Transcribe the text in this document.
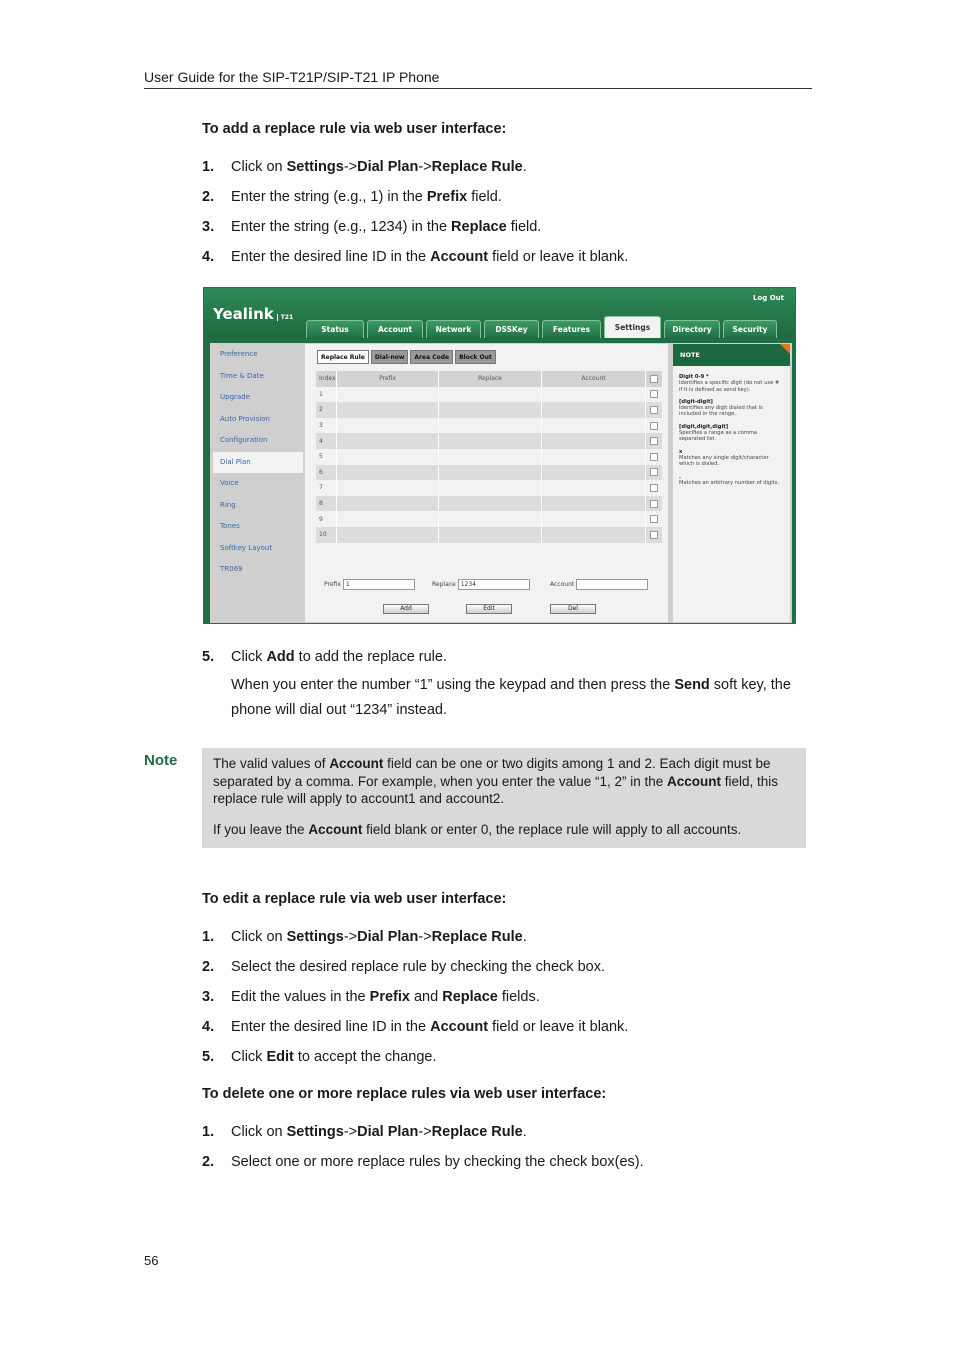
User Guide for the SIP-T21P/SIP-T21 IP Phone
To add a replace rule via web user interface:
1. Click on Settings->Dial Plan->Replace Rule.
2. Enter the string (e.g., 1) in the Prefix field.
3. Enter the string (e.g., 1234) in the Replace field.
4. Enter the desired line ID in the Account field or leave it blank.
Yealink T21
Log Out
Status	Account	Network	DSSKey	Features	Settings	Directory	Security
Preference
Time & Date
Upgrade
Auto Provision
Configuration
Dial Plan
Voice
Ring
Tones
Softkey Layout
TR069
Replace Rule	Dial-now	Area Code	Block Out
Index	Prefix	Replace	Account
1
2
3
4
5
6
7
8
9
10
Prefix 1	Replace 1234	Account
Add	Edit	Del
NOTE
Digit 0-9 *
Identifies a specific digit (do not use # if it is defined as send key).
[digit-digit]
Identifies any digit dialed that is included in the range.
[digit,digit,digit]
Specifies a range as a comma separated list.
x
Matches any single digit/character which is dialed.
.
Matches an arbitrary number of digits.
5. Click Add to add the replace rule.
When you enter the number “1” using the keypad and then press the Send soft key, the phone will dial out “1234” instead.
Note	The valid values of Account field can be one or two digits among 1 and 2. Each digit must be separated by a comma. For example, when you enter the value “1, 2” in the Account field, this replace rule will apply to account1 and account2.

If you leave the Account field blank or enter 0, the replace rule will apply to all accounts.

To edit a replace rule via web user interface:
1. Click on Settings->Dial Plan->Replace Rule.
2. Select the desired replace rule by checking the check box.
3. Edit the values in the Prefix and Replace fields.
4. Enter the desired line ID in the Account field or leave it blank.
5. Click Edit to accept the change.
To delete one or more replace rules via web user interface:
1. Click on Settings->Dial Plan->Replace Rule.
2. Select one or more replace rules by checking the check box(es).
56
